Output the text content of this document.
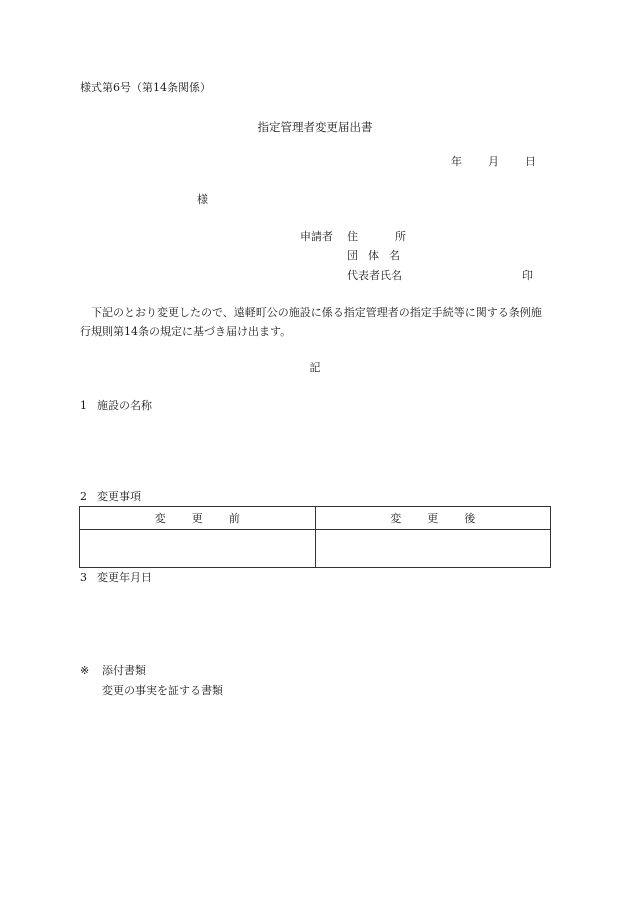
様式第6号（第14条関係）
指定管理者変更届出書
年 月 日
様
申請者 住	所
団 体 名
代表者氏名	印
下記のとおり変更したので、遠軽町公の施設に係る指定管理者の指定手続等に関する条例施行規則第14条の規定に基づき届け出ます。
記
1 施設の名称
2 変更事項
変 更 前	変 更 後

3 変更年月日
※ 添付書類
変更の事実を証する書類
